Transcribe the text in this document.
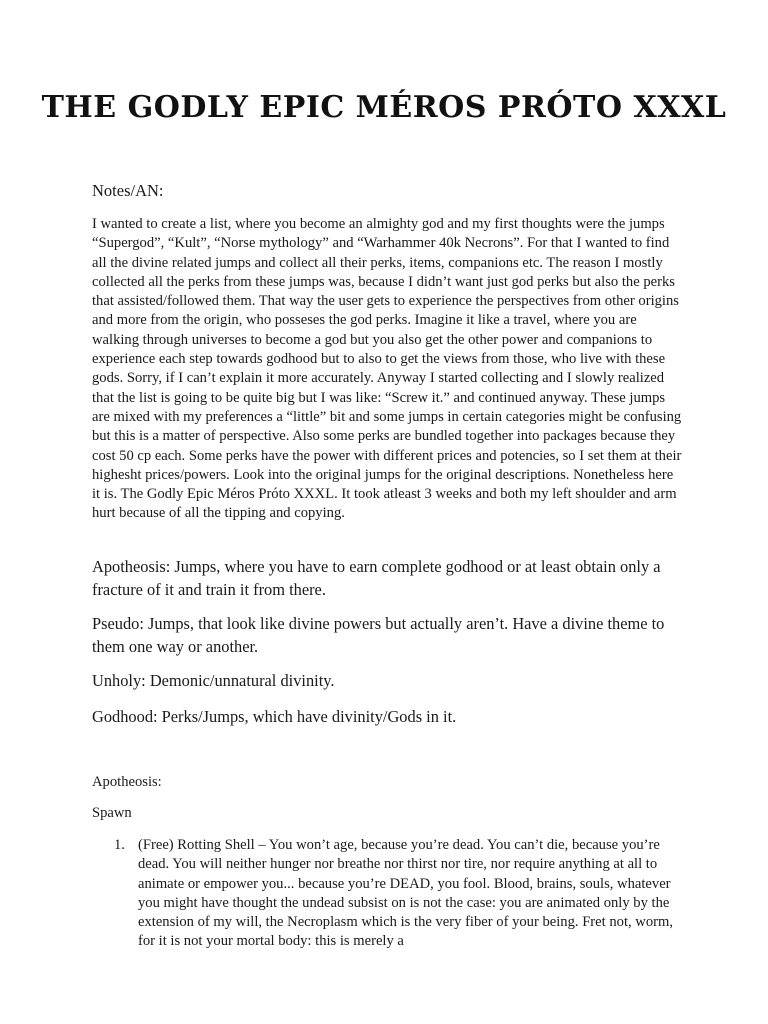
THE GODLY EPIC MÉROS PRÓTO XXXL

Notes/AN:

I wanted to create a list, where you become an almighty god and my first thoughts were the jumps “Supergod”, “Kult”, “Norse mythology” and “Warhammer 40k Necrons”. For that I wanted to find all the divine related jumps and collect all their perks, items, companions etc. The reason I mostly collected all the perks from these jumps was, because I didn’t want just god perks but also the perks that assisted/followed them. That way the user gets to experience the perspectives from other origins and more from the origin, who posseses the god perks. Imagine it like a travel, where you are walking through universes to become a god but you also get the other power and companions to experience each step towards godhood but to also to get the views from those, who live with these gods. Sorry, if I can’t explain it more accurately. Anyway I started collecting and I slowly realized that the list is going to be quite big but I was like: “Screw it.” and continued anyway. These jumps are mixed with my preferences a “little” bit and some jumps in certain categories might be confusing but this is a matter of perspective. Also some perks are bundled together into packages because they cost 50 cp each. Some perks have the power with different prices and potencies, so I set them at their highesht prices/powers. Look into the original jumps for the original descriptions. Nonetheless here it is. The Godly Epic Méros Próto XXXL. It took atleast 3 weeks and both my left shoulder and arm hurt because of all the tipping and copying.

Apotheosis: Jumps, where you have to earn complete godhood or at least obtain only a fracture of it and train it from there.

Pseudo: Jumps, that look like divine powers but actually aren’t. Have a divine theme to them one way or another.

Unholy: Demonic/unnatural divinity.

Godhood: Perks/Jumps, which have divinity/Gods in it.

Apotheosis:

Spawn

1. (Free) Rotting Shell – You won’t age, because you’re dead. You can’t die, because you’re dead. You will neither hunger nor breathe nor thirst nor tire, nor require anything at all to animate or empower you... because you’re DEAD, you fool. Blood, brains, souls, whatever you might have thought the undead subsist on is not the case: you are animated only by the extension of my will, the Necroplasm which is the very fiber of your being. Fret not, worm, for it is not your mortal body: this is merely a
